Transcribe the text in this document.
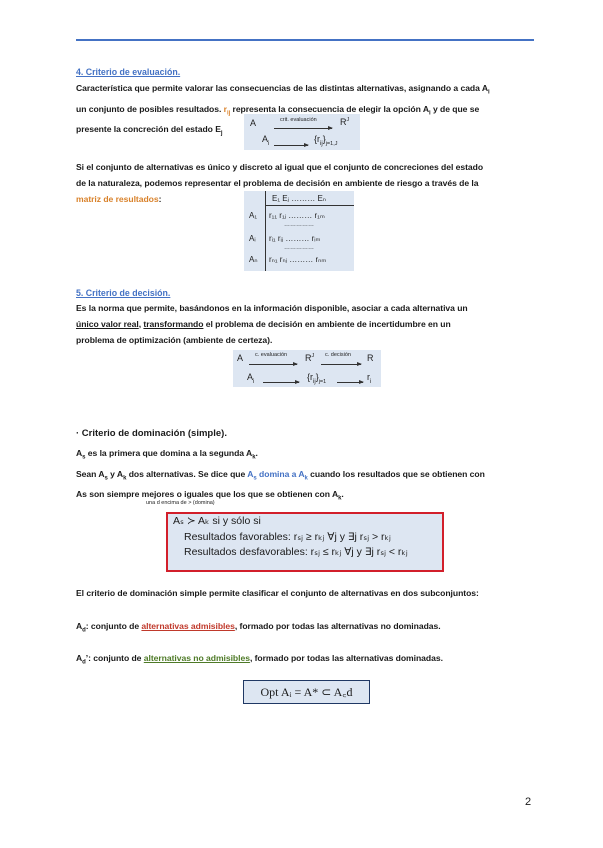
4. Criterio de evaluación.
Característica que permite valorar las consecuencias de las distintas alternativas, asignando a cada $A_i$
un conjunto de posibles resultados. $r_{ij}$ representa la consecuencia de elegir la opción $A_i$ y de que se
presente la concreción del estado $E_j$
A	crit. evaluación	$R^J$
$A_i$	$\{r_{ij}\}_{j=1,J}$
Si el conjunto de alternativas es único y discreto al igual que el conjunto de concreciones del estado
de la naturaleza, podemos representar el problema de decisión en ambiente de riesgo a través de la
matriz de resultados:	E₁ Eⱼ ……… Eₙ
A₁ r₁₁ r₁ⱼ ……… r₁ₘ
……………
Aᵢ rᵢ₁ rᵢⱼ ……… rᵢₘ
……………
Aₙ rₙ₁ rₙⱼ ……… rₙₘ
5. Criterio de decisión.
Es la norma que permite, basándonos en la información disponible, asociar a cada alternativa un
único valor real, transformando el problema de decisión en ambiente de incertidumbre en un
problema de optimización (ambiente de certeza).
A c. evaluación $R^J$ c. decisión R
$A_i$	$\{r_{ij}\}_{j=1}$	$r_i$
· Criterio de dominación (simple).
$A_s$ es la primera que domina a la segunda $A_k$.
Sean $A_s$ y $A_k$ dos alternativas. Se dice que $A_s$ domina a $A_k$ cuando los resultados que se obtienen con
As son siempre mejores o iguales que los que se obtienen con $A_k$.
una d encima de > (domina)
Aₛ ≻ Aₖ si y sólo si
Resultados favorables: rₛⱼ ≥ rₖⱼ ∀j y ∃j rₛⱼ > rₖⱼ
Resultados desfavorables: rₛⱼ ≤ rₖⱼ ∀j y ∃j rₛⱼ < rₖⱼ
El criterio de dominación simple permite clasificar el conjunto de alternativas en dos subconjuntos:
$A_d$: conjunto de alternativas admisibles, formado por todas las alternativas no dominadas.
$A_d$’: conjunto de alternativas no admisibles, formado por todas las alternativas dominadas.
Opt Aᵢ = A* ⊂ A꜀d
2
